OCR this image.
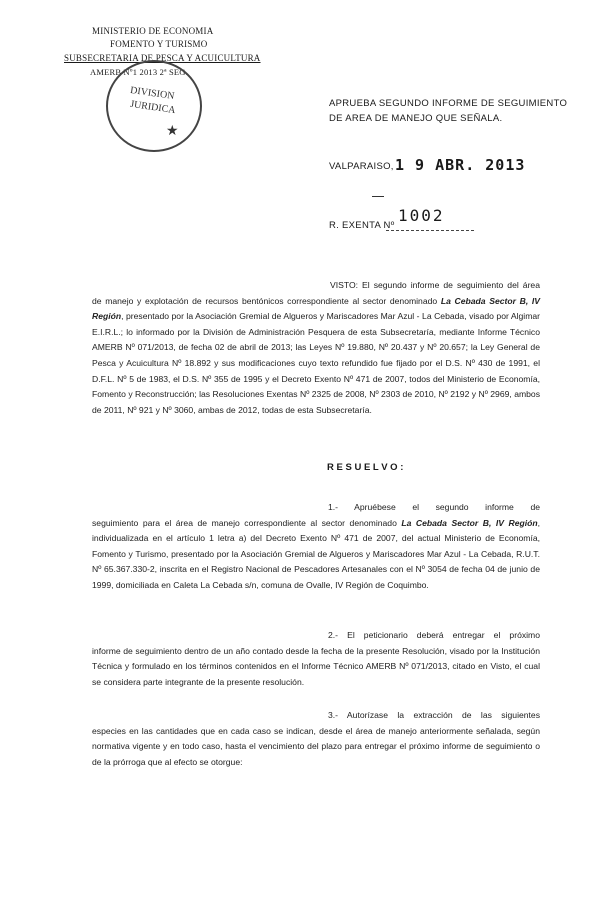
MINISTERIO DE ECONOMIA
FOMENTO Y TURISMO
SUBSECRETARIA DE PESCA Y ACUICULTURA
AMERB Nº1 2013 2ª SEG.
DIVISION
JURIDICA
★
APRUEBA SEGUNDO INFORME DE SEGUIMIENTO
DE AREA DE MANEJO QUE SEÑALA.
VALPARAISO, 1 9 ABR. 2013
R. EXENTA Nº
1002
VISTO: El segundo informe de seguimiento del área de manejo y explotación de recursos bentónicos correspondiente al sector denominado La Cebada Sector B, IV Región, presentado por la Asociación Gremial de Algueros y Mariscadores Mar Azul - La Cebada, visado por Algimar E.I.R.L.; lo informado por la División de Administración Pesquera de esta Subsecretaría, mediante Informe Técnico AMERB Nº 071/2013, de fecha 02 de abril de 2013; las Leyes Nº 19.880, Nº 20.437 y Nº 20.657; la Ley General de Pesca y Acuicultura Nº 18.892 y sus modificaciones cuyo texto refundido fue fijado por el D.S. Nº 430 de 1991, el D.F.L. Nº 5 de 1983, el D.S. Nº 355 de 1995 y el Decreto Exento Nº 471 de 2007, todos del Ministerio de Economía, Fomento y Reconstrucción; las Resoluciones Exentas Nº 2325 de 2008, Nº 2303 de 2010, Nº 2192 y Nº 2969, ambos de 2011, Nº 921 y Nº 3060, ambas de 2012, todas de esta Subsecretaría.
R E S U E L V O :
1.- Apruébese el segundo informe de
seguimiento para el área de manejo correspondiente al sector denominado La Cebada Sector B, IV Región, individualizada en el artículo 1 letra a) del Decreto Exento Nº 471 de 2007, del actual Ministerio de Economía, Fomento y Turismo, presentado por la Asociación Gremial de Algueros y Mariscadores Mar Azul - La Cebada, R.U.T. Nº 65.367.330-2, inscrita en el Registro Nacional de Pescadores Artesanales con el Nº 3054 de fecha 04 de junio de 1999, domiciliada en Caleta La Cebada s/n, comuna de Ovalle, IV Región de Coquimbo.
2.- El peticionario deberá entregar el próximo
informe de seguimiento dentro de un año contado desde la fecha de la presente Resolución, visado por la Institución Técnica y formulado en los términos contenidos en el Informe Técnico AMERB Nº 071/2013, citado en Visto, el cual se considera parte integrante de la presente resolución.
3.- Autorízase la extracción de las siguientes
especies en las cantidades que en cada caso se indican, desde el área de manejo anteriormente señalada, según normativa vigente y en todo caso, hasta el vencimiento del plazo para entregar el próximo informe de seguimiento o de la prórroga que al efecto se otorgue:
